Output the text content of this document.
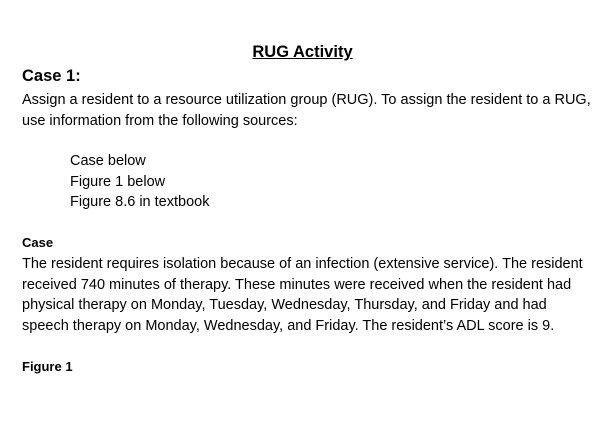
RUG Activity
Case 1:

Assign a resident to a resource utilization group (RUG). To assign the resident to a RUG,
use information from the following sources:

Case below
Figure 1 below
Figure 8.6 in textbook
Case

The resident requires isolation because of an infection (extensive service). The resident
received 740 minutes of therapy. These minutes were received when the resident had
physical therapy on Monday, Tuesday, Wednesday, Thursday, and Friday and had
speech therapy on Monday, Wednesday, and Friday. The resident’s ADL score is 9.

Figure 1
